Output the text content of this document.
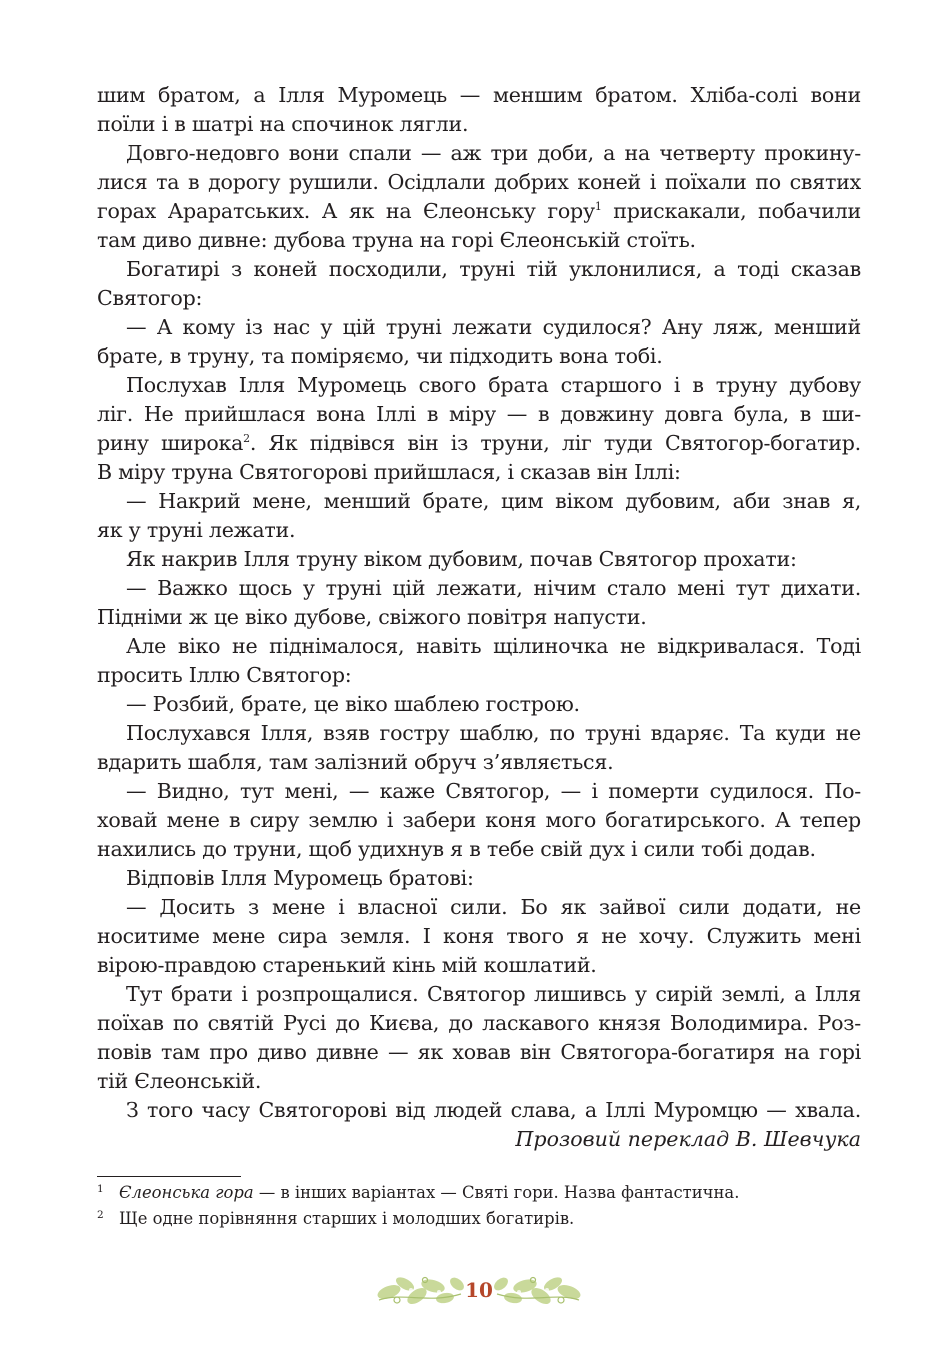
шим братом, а Ілля Муромець — меншим братом. Хліба-солі вони
поїли і в шатрі на спочинок лягли.
Довго-недовго вони спали — аж три доби, а на четверту прокину-
лися та в дорогу рушили. Осідлали добрих коней і поїхали по святих
горах Араратських. А як на Єлеонську гору$^1$ прискакали, побачили
там диво дивне: дубова труна на горі Єлеонській стоїть.
Богатирі з коней посходили, труні тій уклонилися, а тоді сказав
Святогор:
— А кому із нас у цій труні лежати судилося? Ану ляж, менший
брате, в труну, та поміряємо, чи підходить вона тобі.
Послухав Ілля Муромець свого брата старшого і в труну дубову
ліг. Не прийшлася вона Іллі в міру — в довжину довга була, в ши-
рину широка$^2$. Як підвівся він із труни, ліг туди Святогор-богатир.
В міру труна Святогорові прийшлася, і сказав він Іллі:
— Накрий мене, менший брате, цим віком дубовим, аби знав я,
як у труні лежати.
Як накрив Ілля труну віком дубовим, почав Святогор прохати:
— Важко щось у труні цій лежати, нічим стало мені тут дихати.
Підніми ж це віко дубове, свіжого повітря напусти.
Але віко не піднімалося, навіть щілиночка не відкривалася. Тоді
просить Іллю Святогор:
— Розбий, брате, це віко шаблею гострою.
Послухався Ілля, взяв гостру шаблю, по труні вдаряє. Та куди не
вдарить шабля, там залізний обруч з’являється.
— Видно, тут мені, — каже Святогор, — і померти судилося. По-
ховай мене в сиру землю і забери коня мого богатирського. А тепер
нахились до труни, щоб удихнув я в тебе свій дух і сили тобі додав.
Відповів Ілля Муромець братові:
— Досить з мене і власної сили. Бо як зайвої сили додати, не
носитиме мене сира земля. І коня твого я не хочу. Служить мені
вірою-правдою старенький кінь мій кошлатий.
Тут брати і розпрощалися. Святогор лишивсь у сирій землі, а Ілля
поїхав по святій Русі до Києва, до ласкавого князя Володимира. Роз-
повів там про диво дивне — як ховав він Святогора-богатиря на горі
тій Єлеонській.
З того часу Святогорові від людей слава, а Іллі Муромцю — хвала.
Прозовий переклад В. Шевчука
1 Єлеонська гора — в інших варіантах — Святі гори. Назва фантастична.
2 Ще одне порівняння старших і молодших богатирів.
10
